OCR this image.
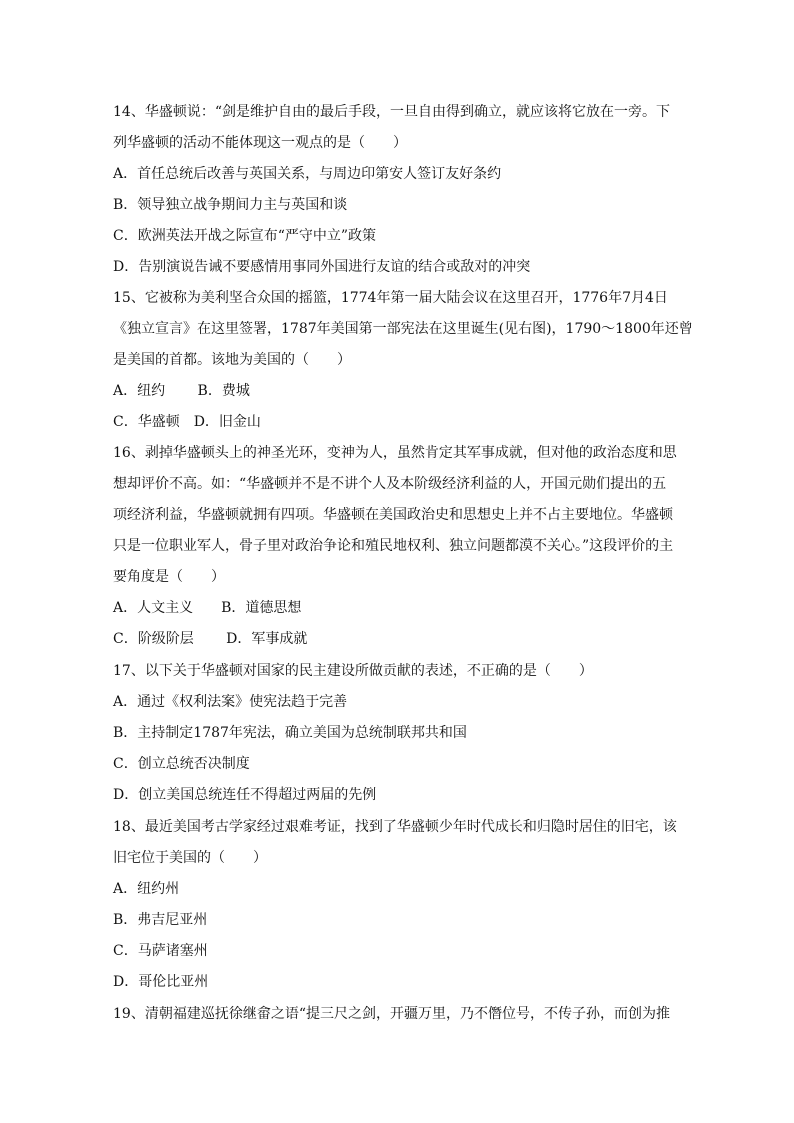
14、华盛顿说：“剑是维护自由的最后手段，一旦自由得到确立，就应该将它放在一旁。下
列华盛顿的活动不能体现这一观点的是（　　）
A．首任总统后改善与英国关系，与周边印第安人签订友好条约
B．领导独立战争期间力主与英国和谈
C．欧洲英法开战之际宣布“严守中立”政策
D．告别演说告诫不要感情用事同外国进行友谊的结合或敌对的冲突
15、它被称为美利坚合众国的摇篮，1774年第一届大陆会议在这里召开，1776年7月4日
《独立宣言》在这里签署，1787年美国第一部宪法在这里诞生(见右图)，1790～1800年还曾
是美国的首都。该地为美国的（　　）
A．纽约　　 B．费城
C．华盛顿　D．旧金山
16、剥掉华盛顿头上的神圣光环，变神为人，虽然肯定其军事成就，但对他的政治态度和思
想却评价不高。如：“华盛顿并不是不讲个人及本阶级经济利益的人，开国元勋们提出的五
项经济利益，华盛顿就拥有四项。华盛顿在美国政治史和思想史上并不占主要地位。华盛顿
只是一位职业军人，骨子里对政治争论和殖民地权利、独立问题都漠不关心。”这段评价的主
要角度是（　　）
A．人文主义　　B．道德思想
C．阶级阶层　　 D．军事成就
17、以下关于华盛顿对国家的民主建设所做贡献的表述，不正确的是（　　）
A．通过《权利法案》使宪法趋于完善
B．主持制定1787年宪法，确立美国为总统制联邦共和国
C．创立总统否决制度
D．创立美国总统连任不得超过两届的先例
18、最近美国考古学家经过艰难考证，找到了华盛顿少年时代成长和归隐时居住的旧宅，该
旧宅位于美国的（　　）
A．纽约州
B．弗吉尼亚州
C．马萨诸塞州
D．哥伦比亚州
19、清朝福建巡抚徐继畲之语“提三尺之剑，开疆万里，乃不僭位号，不传子孙，而创为推
